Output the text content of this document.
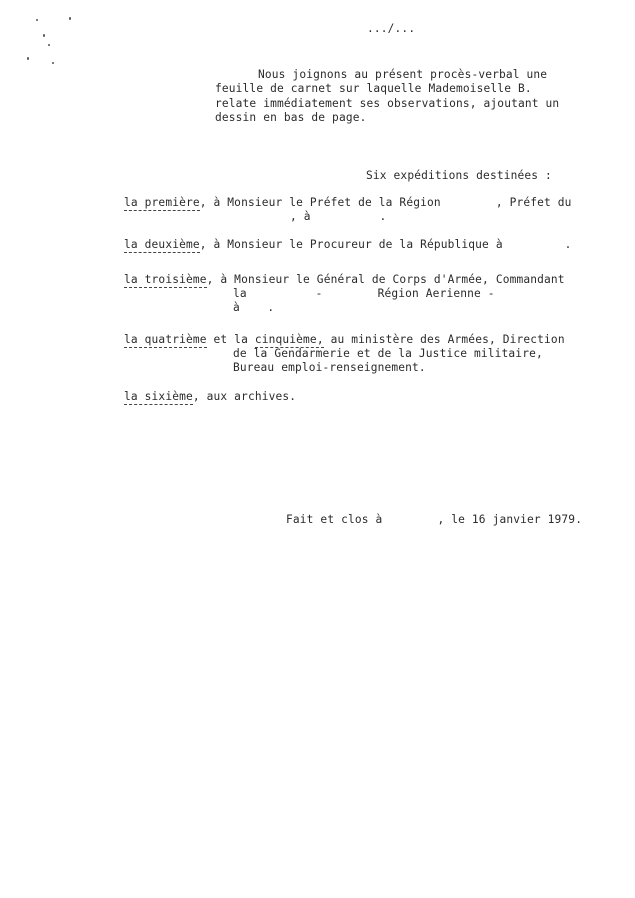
.../...
Nous joignons au présent procès-verbal une
feuille de carnet sur laquelle Mademoiselle B.
relate immédiatement ses observations, ajoutant un
dessin en bas de page.
Six expéditions destinées :
la première, à Monsieur le Préfet de la Région        , Préfet du
, à          .
la deuxième, à Monsieur le Procureur de la République à         .
la troisième, à Monsieur le Général de Corps d'Armée, Commandant
la          -        Région Aerienne -
à    .
la quatrième et la cinquième, au ministère des Armées, Direction
de la Gendarmerie et de la Justice militaire,
Bureau emploi-renseignement.
la sixième, aux archives.
Fait et clos à        , le 16 janvier 1979.
